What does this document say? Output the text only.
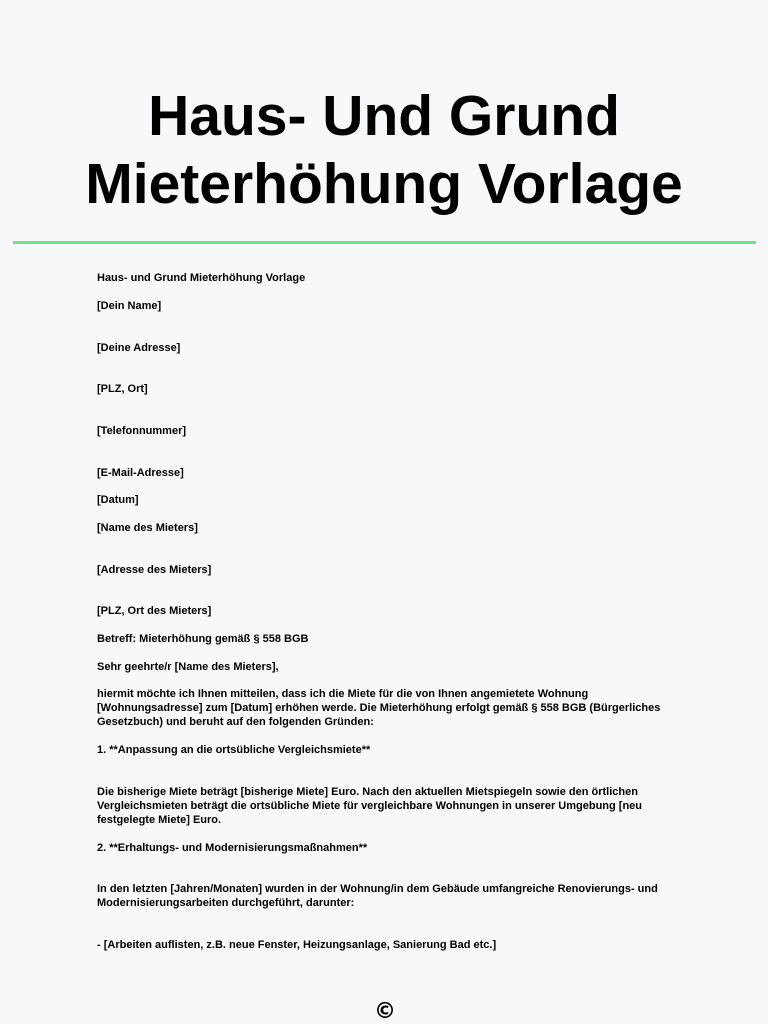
Haus- Und Grund
Mieterhöhung Vorlage

Haus- und Grund Mieterhöhung Vorlage

[Dein Name]

[Deine Adresse]

[PLZ, Ort]

[Telefonnummer]

[E-Mail-Adresse]

[Datum]

[Name des Mieters]

[Adresse des Mieters]

[PLZ, Ort des Mieters]

Betreff: Mieterhöhung gemäß § 558 BGB

Sehr geehrte/r [Name des Mieters],

hiermit möchte ich Ihnen mitteilen, dass ich die Miete für die von Ihnen angemietete Wohnung [Wohnungsadresse] zum [Datum] erhöhen werde. Die Mieterhöhung erfolgt gemäß § 558 BGB (Bürgerliches Gesetzbuch) und beruht auf den folgenden Gründen:

1. **Anpassung an die ortsübliche Vergleichsmiete**

Die bisherige Miete beträgt [bisherige Miete] Euro. Nach den aktuellen Mietspiegeln sowie den örtlichen Vergleichsmieten beträgt die ortsübliche Miete für vergleichbare Wohnungen in unserer Umgebung [neu festgelegte Miete] Euro.

2. **Erhaltungs- und Modernisierungsmaßnahmen**

In den letzten [Jahren/Monaten] wurden in der Wohnung/in dem Gebäude umfangreiche Renovierungs- und Modernisierungsarbeiten durchgeführt, darunter:

- [Arbeiten auflisten, z.B. neue Fenster, Heizungsanlage, Sanierung Bad etc.]

©
